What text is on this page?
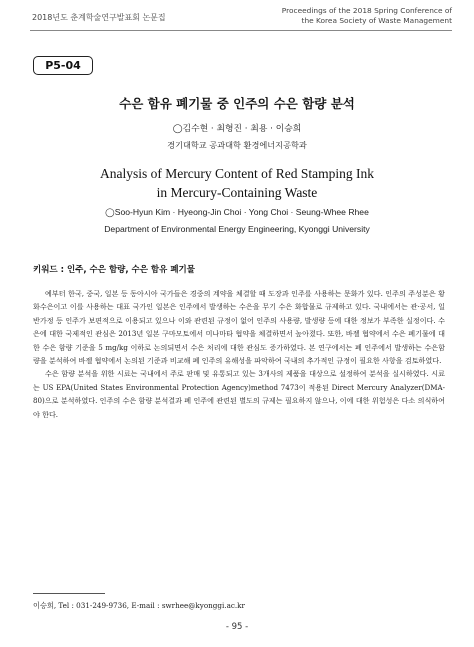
2018년도 춘계학술연구발표회 논문집
Proceedings of the 2018 Spring Conference of
the Korea Society of Waste Management
P5-04
수은 함유 폐기물 중 인주의 수은 함량 분석
◯김수현 · 최형진 · 최용 · 이승희
경기대학교 공과대학 환경에너지공학과
Analysis of Mercury Content of Red Stamping Ink
in Mercury-Containing Waste
◯Soo-Hyun Kim · Hyeong-Jin Choi · Yong Choi · Seung-Whee Rhee
Department of Environmental Energy Engineering, Kyonggi University
키워드 : 인주, 수은 함량, 수은 함유 폐기물

예부터 한국, 중국, 일본 등 동아시아 국가들은 경중의 계약을 체결할 때 도장과 인주를 사용하는 문화가 있다. 인주의 주성분은 황화수은이고 이를 사용하는 대표 국가인 일본은 인주에서 발생하는 수은을 무기 수은 화합물로 규제하고 있다. 국내에서는 관·공서, 일반가정 등 인주가 보편적으로 이용되고 있으나 이와 관련된 규정이 없어 인주의 사용량, 발생량 등에 대한 정보가 부족한 실정이다. 수은에 대한 국제적인 관심은 2013년 일본 구마모토에서 미나마타 협약을 체결하면서 높아졌다. 또한, 바젤 협약에서 수은 폐기물에 대한 수은 함량 기준을 5 mg/kg 이하로 논의되면서 수은 처리에 대한 관심도 증가하였다. 본 연구에서는 폐 인주에서 발생하는 수은함량을 분석하여 바젤 협약에서 논의된 기준과 비교해 폐 인주의 유해성을 파악하여 국내의 추가적인 규정이 필요한 사항을 검토하였다.

수은 함량 분석을 위한 시료는 국내에서 주로 판매 및 유통되고 있는 3개사의 제품을 대상으로 설정하여 분석을 실시하였다. 시료는 US EPA(United States Environmental Protection Agency)method 7473이 적용된 Direct Mercury Analyzer(DMA-80)으로 분석하였다. 인주의 수은 함량 분석결과 폐 인주에 관련된 별도의 규제는 필요하지 않으나, 이에 대한 위험성은 다소 의식하여야 한다.

이승희, Tel : 031-249-9736, E-mail : swrhee@kyonggi.ac.kr
- 95 -
